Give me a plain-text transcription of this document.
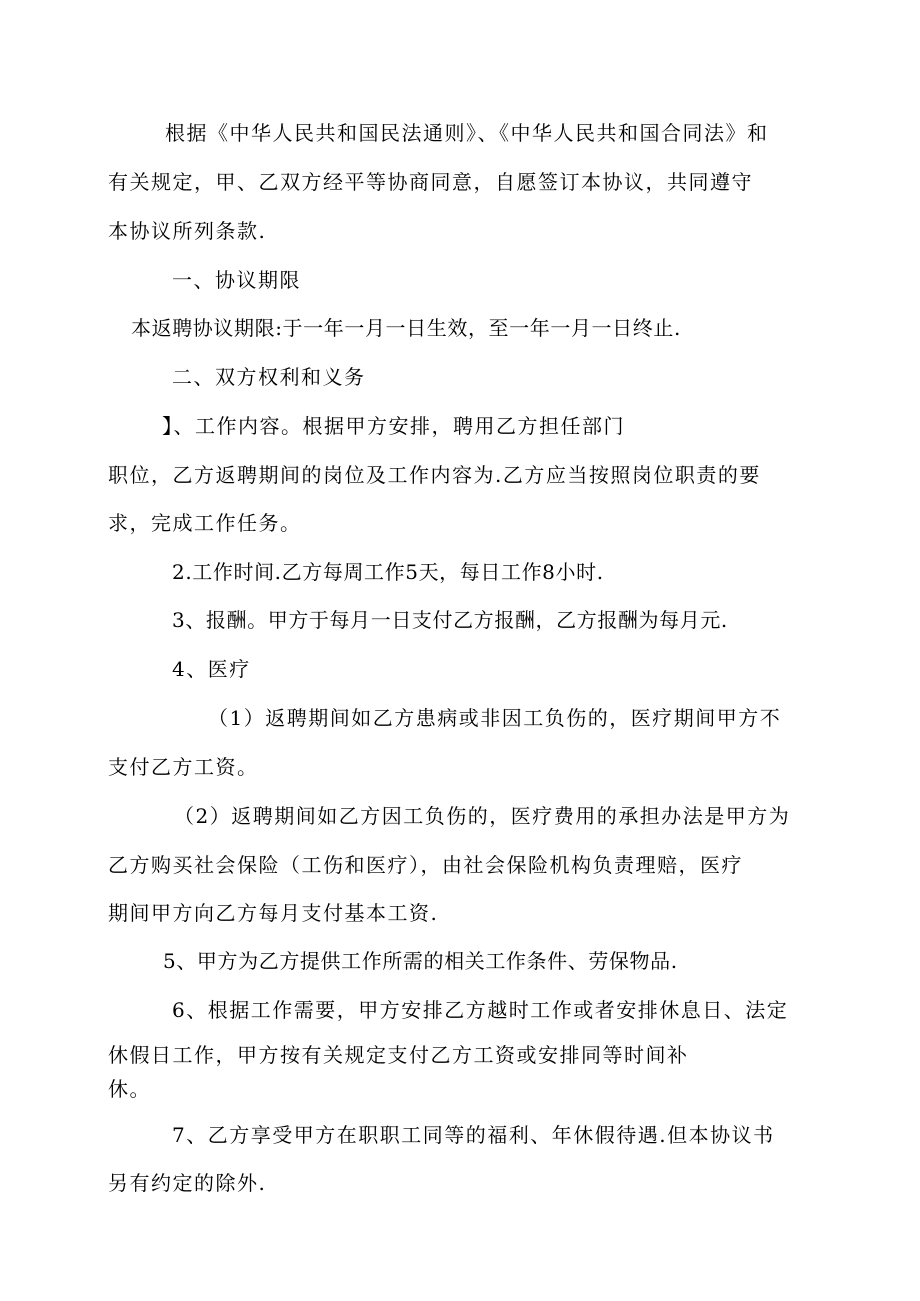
根据《中华人民共和国民法通则》、《中华人民共和国合同法》和

有关规定，甲、乙双方经平等协商同意，自愿签订本协议，共同遵守

本协议所列条款.

一、协议期限

本返聘协议期限:于一年一月一日生效，至一年一月一日终止.

二、双方权利和义务

】、工作内容。根据甲方安排，聘用乙方担任部门

职位，乙方返聘期间的岗位及工作内容为.乙方应当按照岗位职责的要

求，完成工作任务。

2.工作时间.乙方每周工作5天，每日工作8小时.

3、报酬。甲方于每月一日支付乙方报酬，乙方报酬为每月元.

4、医疗

（1）返聘期间如乙方患病或非因工负伤的，医疗期间甲方不

支付乙方工资。

（2）返聘期间如乙方因工负伤的，医疗费用的承担办法是甲方为

乙方购买社会保险（工伤和医疗），由社会保险机构负责理赔，医疗

期间甲方向乙方每月支付基本工资.

5、甲方为乙方提供工作所需的相关工作条件、劳保物品.

6、根据工作需要，甲方安排乙方越时工作或者安排休息日、法定

休假日工作，甲方按有关规定支付乙方工资或安排同等时间补

休。

7、乙方享受甲方在职职工同等的福利、年休假待遇.但本协议书

另有约定的除外.
